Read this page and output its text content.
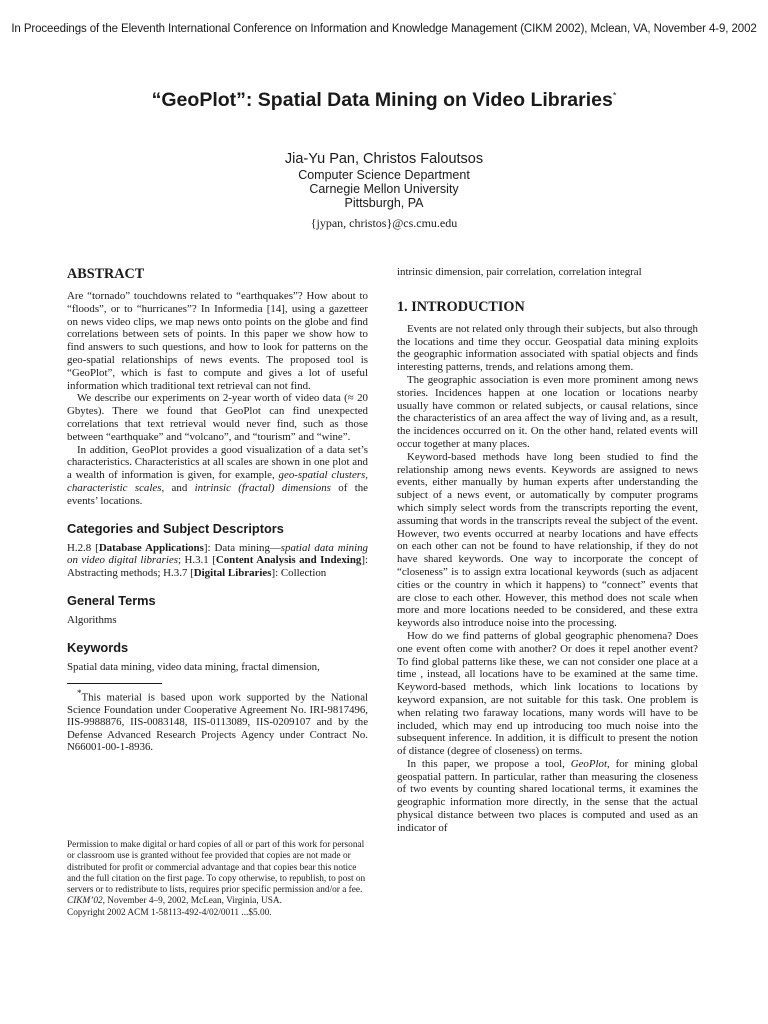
In Proceedings of the Eleventh International Conference on Information and Knowledge Management (CIKM 2002), Mclean, VA, November 4-9, 2002
“GeoPlot”: Spatial Data Mining on Video Libraries*
Jia-Yu Pan, Christos Faloutsos
Computer Science Department
Carnegie Mellon University
Pittsburgh, PA
{jypan, christos}@cs.cmu.edu
ABSTRACT

Are “tornado” touchdowns related to “earthquakes”? How about to “floods”, or to “hurricanes”? In Informedia [14], using a gazetteer on news video clips, we map news onto points on the globe and find correlations between sets of points. In this paper we show how to find answers to such questions, and how to look for patterns on the geo-spatial relationships of news events. The proposed tool is “GeoPlot”, which is fast to compute and gives a lot of useful information which traditional text retrieval can not find.

We describe our experiments on 2-year worth of video data (≈ 20 Gbytes). There we found that GeoPlot can find unexpected correlations that text retrieval would never find, such as those between “earthquake” and “volcano”, and “tourism” and “wine”.

In addition, GeoPlot provides a good visualization of a data set’s characteristics. Characteristics at all scales are shown in one plot and a wealth of information is given, for example, geo-spatial clusters, characteristic scales, and intrinsic (fractal) dimensions of the events’ locations.

Categories and Subject Descriptors

H.2.8 [Database Applications]: Data mining—spatial data mining on video digital libraries; H.3.1 [Content Analysis and Indexing]: Abstracting methods; H.3.7 [Digital Libraries]: Collection

General Terms

Algorithms

Keywords

Spatial data mining, video data mining, fractal dimension,

*This material is based upon work supported by the National Science Foundation under Cooperative Agreement No. IRI-9817496, IIS-9988876, IIS-0083148, IIS-0113089, IIS-0209107 and by the Defense Advanced Research Projects Agency under Contract No. N66001-00-1-8936.

Permission to make digital or hard copies of all or part of this work for personal or classroom use is granted without fee provided that copies are not made or distributed for profit or commercial advantage and that copies bear this notice and the full citation on the first page. To copy otherwise, to republish, to post on servers or to redistribute to lists, requires prior specific permission and/or a fee.

CIKM’02, November 4–9, 2002, McLean, Virginia, USA.

Copyright 2002 ACM 1-58113-492-4/02/0011 ...$5.00.

intrinsic dimension, pair correlation, correlation integral

1. INTRODUCTION

Events are not related only through their subjects, but also through the locations and time they occur. Geospatial data mining exploits the geographic information associated with spatial objects and finds interesting patterns, trends, and relations among them.

The geographic association is even more prominent among news stories. Incidences happen at one location or locations nearby usually have common or related subjects, or causal relations, since the characteristics of an area affect the way of living and, as a result, the incidences occurred on it. On the other hand, related events will occur together at many places.

Keyword-based methods have long been studied to find the relationship among news events. Keywords are assigned to news events, either manually by human experts after understanding the subject of a news event, or automatically by computer programs which simply select words from the transcripts reporting the event, assuming that words in the transcripts reveal the subject of the event. However, two events occurred at nearby locations and have effects on each other can not be found to have relationship, if they do not have shared keywords. One way to incorporate the concept of “closeness” is to assign extra locational keywords (such as adjacent cities or the country in which it happens) to “connect” events that are close to each other. However, this method does not scale when more and more locations needed to be considered, and these extra keywords also introduce noise into the processing.

How do we find patterns of global geographic phenomena? Does one event often come with another? Or does it repel another event? To find global patterns like these, we can not consider one place at a time , instead, all locations have to be examined at the same time. Keyword-based methods, which link locations to locations by keyword expansion, are not suitable for this task. One problem is when relating two faraway locations, many words will have to be included, which may end up introducing too much noise into the subsequent inference. In addition, it is difficult to present the notion of distance (degree of closeness) on terms.

In this paper, we propose a tool, GeoPlot, for mining global geospatial pattern. In particular, rather than measuring the closeness of two events by counting shared locational terms, it examines the geographic information more directly, in the sense that the actual physical distance between two places is computed and used as an indicator of
